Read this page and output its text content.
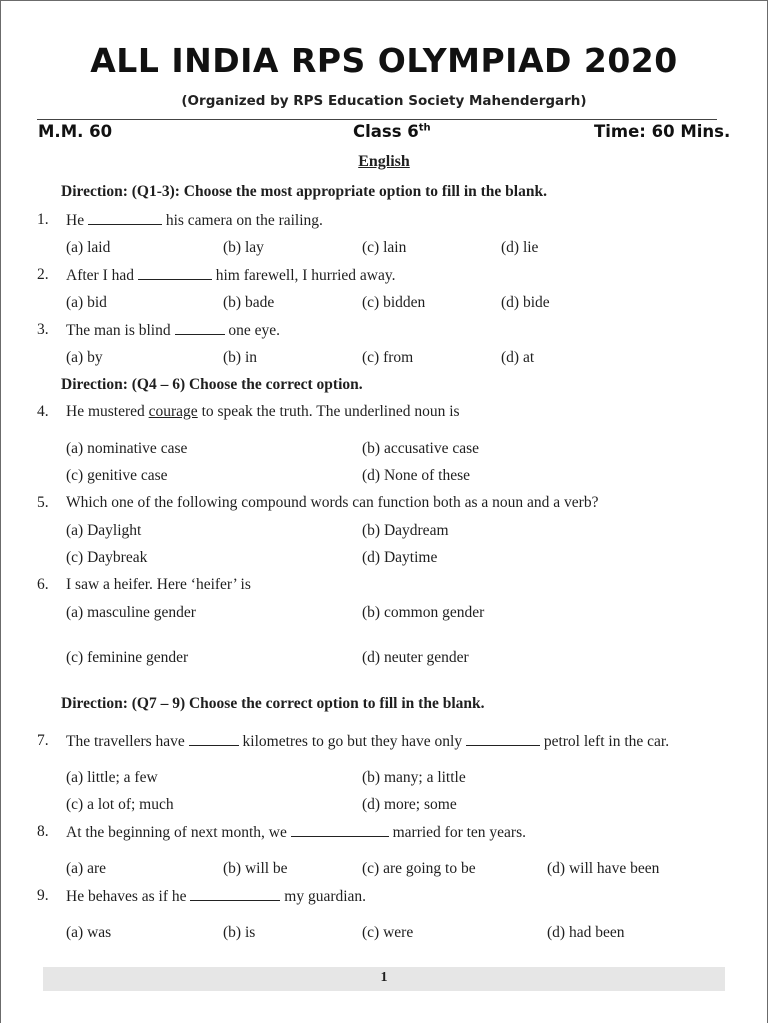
ALL INDIA RPS OLYMPIAD 2020
(Organized by RPS Education Society Mahendergarh)
M.M. 60	Class 6th	Time: 60 Mins.
English
Direction: (Q1-3): Choose the most appropriate option to fill in the blank.
1. He	his camera on the railing.
(a) laid	(b) lay	(c) lain	(d) lie
2. After I had	him farewell, I hurried away.
(a) bid	(b) bade	(c) bidden	(d) bide
3. The man is blind	one eye.
(a) by	(b) in	(c) from	(d) at
Direction: (Q4 – 6) Choose the correct option.
4. He mustered courage to speak the truth. The underlined noun is
(a) nominative case	(b) accusative case
(c) genitive case	(d) None of these
5. Which one of the following compound words can function both as a noun and a verb?
(a) Daylight	(b) Daydream
(c) Daybreak	(d) Daytime
6. I saw a heifer. Here ‘heifer’ is
(a) masculine gender	(b) common gender
(c) feminine gender	(d) neuter gender
Direction: (Q7 – 9) Choose the correct option to fill in the blank.
7. The travellers have	kilometres to go but they have only	petrol left in the car.
(a) little; a few	(b) many; a little
(c) a lot of; much	(d) more; some
8. At the beginning of next month, we	married for ten years.
(a) are	(b) will be	(c) are going to be	(d) will have been
9. He behaves as if he	my guardian.
(a) was	(b) is	(c) were	(d) had been
1
